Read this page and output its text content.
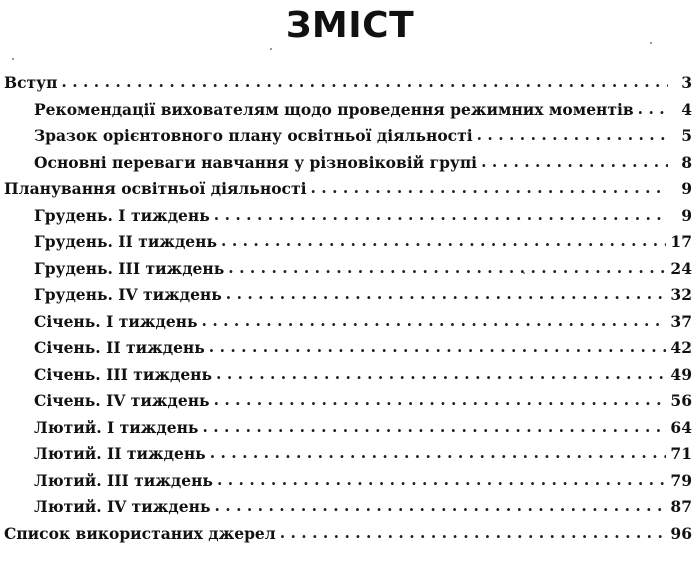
ЗМІСТ
Вступ . . .	3
Рекомендації вихователям щодо проведення режимних моментів . . .	4
Зразок орієнтовного плану освітньої діяльності . . .	5
Основні переваги навчання у різновіковій групі . . .	8
Планування освітньої діяльності . . .	9
Грудень. І тиждень . . .	9
Грудень. ІІ тиждень . . .	17
Грудень. ІІІ тиждень . . .	24
Грудень. IV тиждень . . .	32
Січень. І тиждень . . .	37
Січень. ІІ тиждень . . .	42
Січень. ІІІ тиждень . . .	49
Січень. IV тиждень . . .	56
Лютий. І тиждень . . .	64
Лютий. ІІ тиждень . . .	71
Лютий. ІІІ тиждень . . .	79
Лютий. IV тиждень . . .	87
Список використаних джерел . . .	96
